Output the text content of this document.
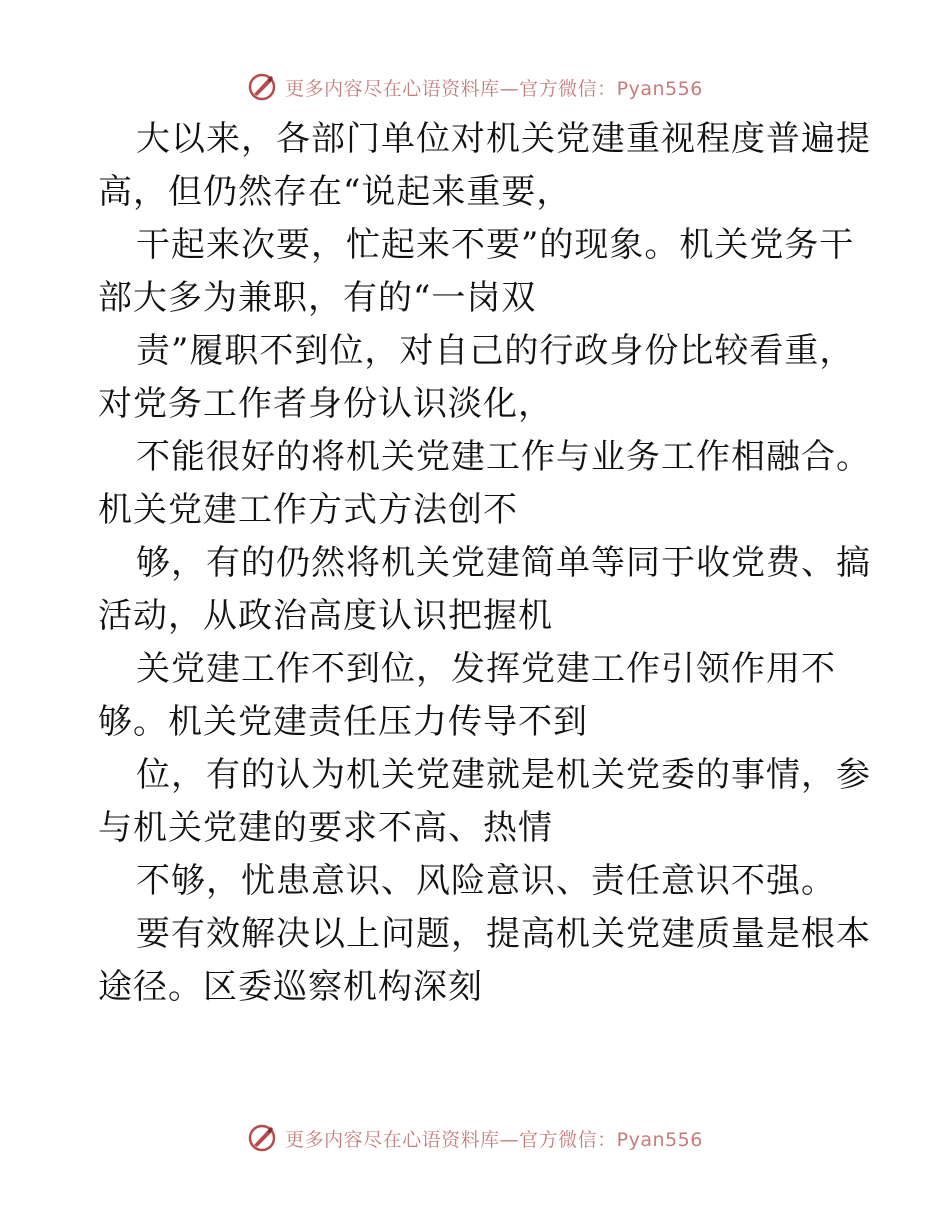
更多内容尽在心语资料库—官方微信：Pyan556
大以来，各部门单位对机关党建重视程度普遍提
高，但仍然存在“说起来重要，
干起来次要，忙起来不要”的现象。机关党务干
部大多为兼职，有的“一岗双
责”履职不到位，对自己的行政身份比较看重，
对党务工作者身份认识淡化，
不能很好的将机关党建工作与业务工作相融合。
机关党建工作方式方法创不
够，有的仍然将机关党建简单等同于收党费、搞
活动，从政治高度认识把握机
关党建工作不到位，发挥党建工作引领作用不
够。机关党建责任压力传导不到
位，有的认为机关党建就是机关党委的事情，参
与机关党建的要求不高、热情
不够，忧患意识、风险意识、责任意识不强。
要有效解决以上问题，提高机关党建质量是根本
途径。区委巡察机构深刻
更多内容尽在心语资料库—官方微信：Pyan556
